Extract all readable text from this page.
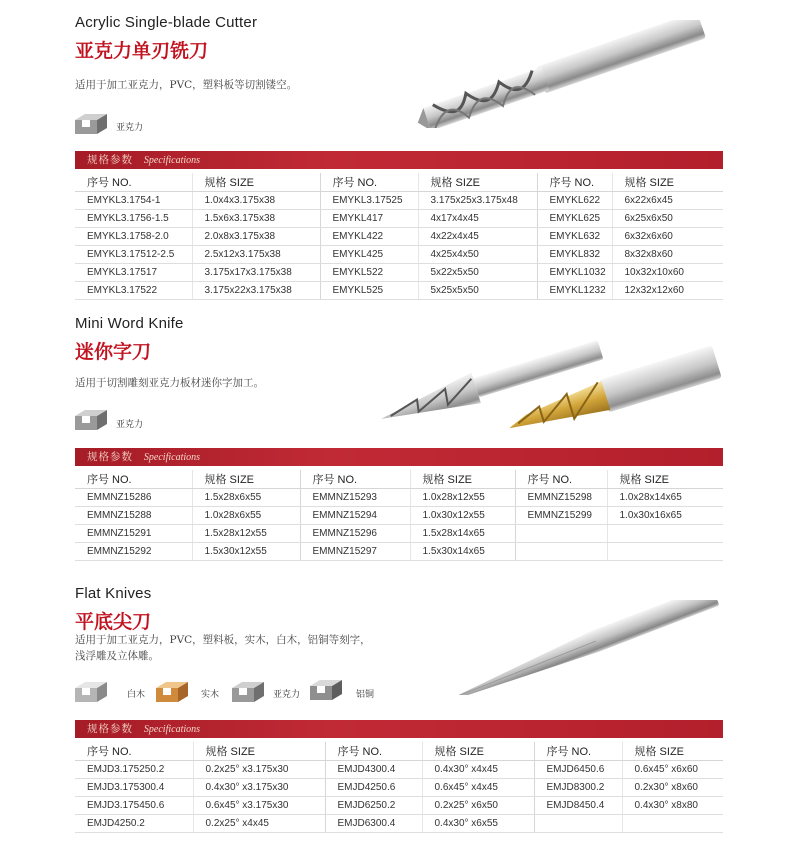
Acrylic Single-blade Cutter
亚克力单刃铣刀
适用于加工亚克力，PVC，塑料板等切割镂空。
亚克力
规格参数 Specifications
序号 NO.	规格 SIZE	序号 NO.	规格 SIZE	序号 NO.	规格 SIZE
EMYKL3.1754-1	1.0x4x3.175x38	EMYKL3.17525	3.175x25x3.175x48	EMYKL622	6x22x6x45
EMYKL3.1756-1.5	1.5x6x3.175x38	EMYKL417	4x17x4x45	EMYKL625	6x25x6x50
EMYKL3.1758-2.0	2.0x8x3.175x38	EMYKL422	4x22x4x45	EMYKL632	6x32x6x60
EMYKL3.17512-2.5	2.5x12x3.175x38	EMYKL425	4x25x4x50	EMYKL832	8x32x8x60
EMYKL3.17517	3.175x17x3.175x38	EMYKL522	5x22x5x50	EMYKL1032	10x32x10x60
EMYKL3.17522	3.175x22x3.175x38	EMYKL525	5x25x5x50	EMYKL1232	12x32x12x60
Mini Word Knife
迷你字刀
适用于切割雕刻亚克力板材迷你字加工。
亚克力
规格参数 Specifications
序号 NO.	规格 SIZE	序号 NO.	规格 SIZE	序号 NO.	规格 SIZE
EMMNZ15286	1.5x28x6x55	EMMNZ15293	1.0x28x12x55	EMMNZ15298	1.0x28x14x65
EMMNZ15288	1.0x28x6x55	EMMNZ15294	1.0x30x12x55	EMMNZ15299	1.0x30x16x65
EMMNZ15291	1.5x28x12x55	EMMNZ15296	1.5x28x14x65		
EMMNZ15292	1.5x30x12x55	EMMNZ15297	1.5x30x14x65		
Flat Knives
平底尖刀
适用于加工亚克力，PVC，塑料板，实木，白木，铝铜等刻字，
浅浮雕及立体雕。
白木	实木	亚克力	铝铜
规格参数 Specifications
序号 NO.	规格 SIZE	序号 NO.	规格 SIZE	序号 NO.	规格 SIZE
EMJD3.175250.2	0.2x25° x3.175x30	EMJD4300.4	0.4x30° x4x45	EMJD6450.6	0.6x45° x6x60
EMJD3.175300.4	0.4x30° x3.175x30	EMJD4250.6	0.6x45° x4x45	EMJD8300.2	0.2x30° x8x60
EMJD3.175450.6	0.6x45° x3.175x30	EMJD6250.2	0.2x25° x6x50	EMJD8450.4	0.4x30° x8x80
EMJD4250.2	0.2x25° x4x45	EMJD6300.4	0.4x30° x6x55		
